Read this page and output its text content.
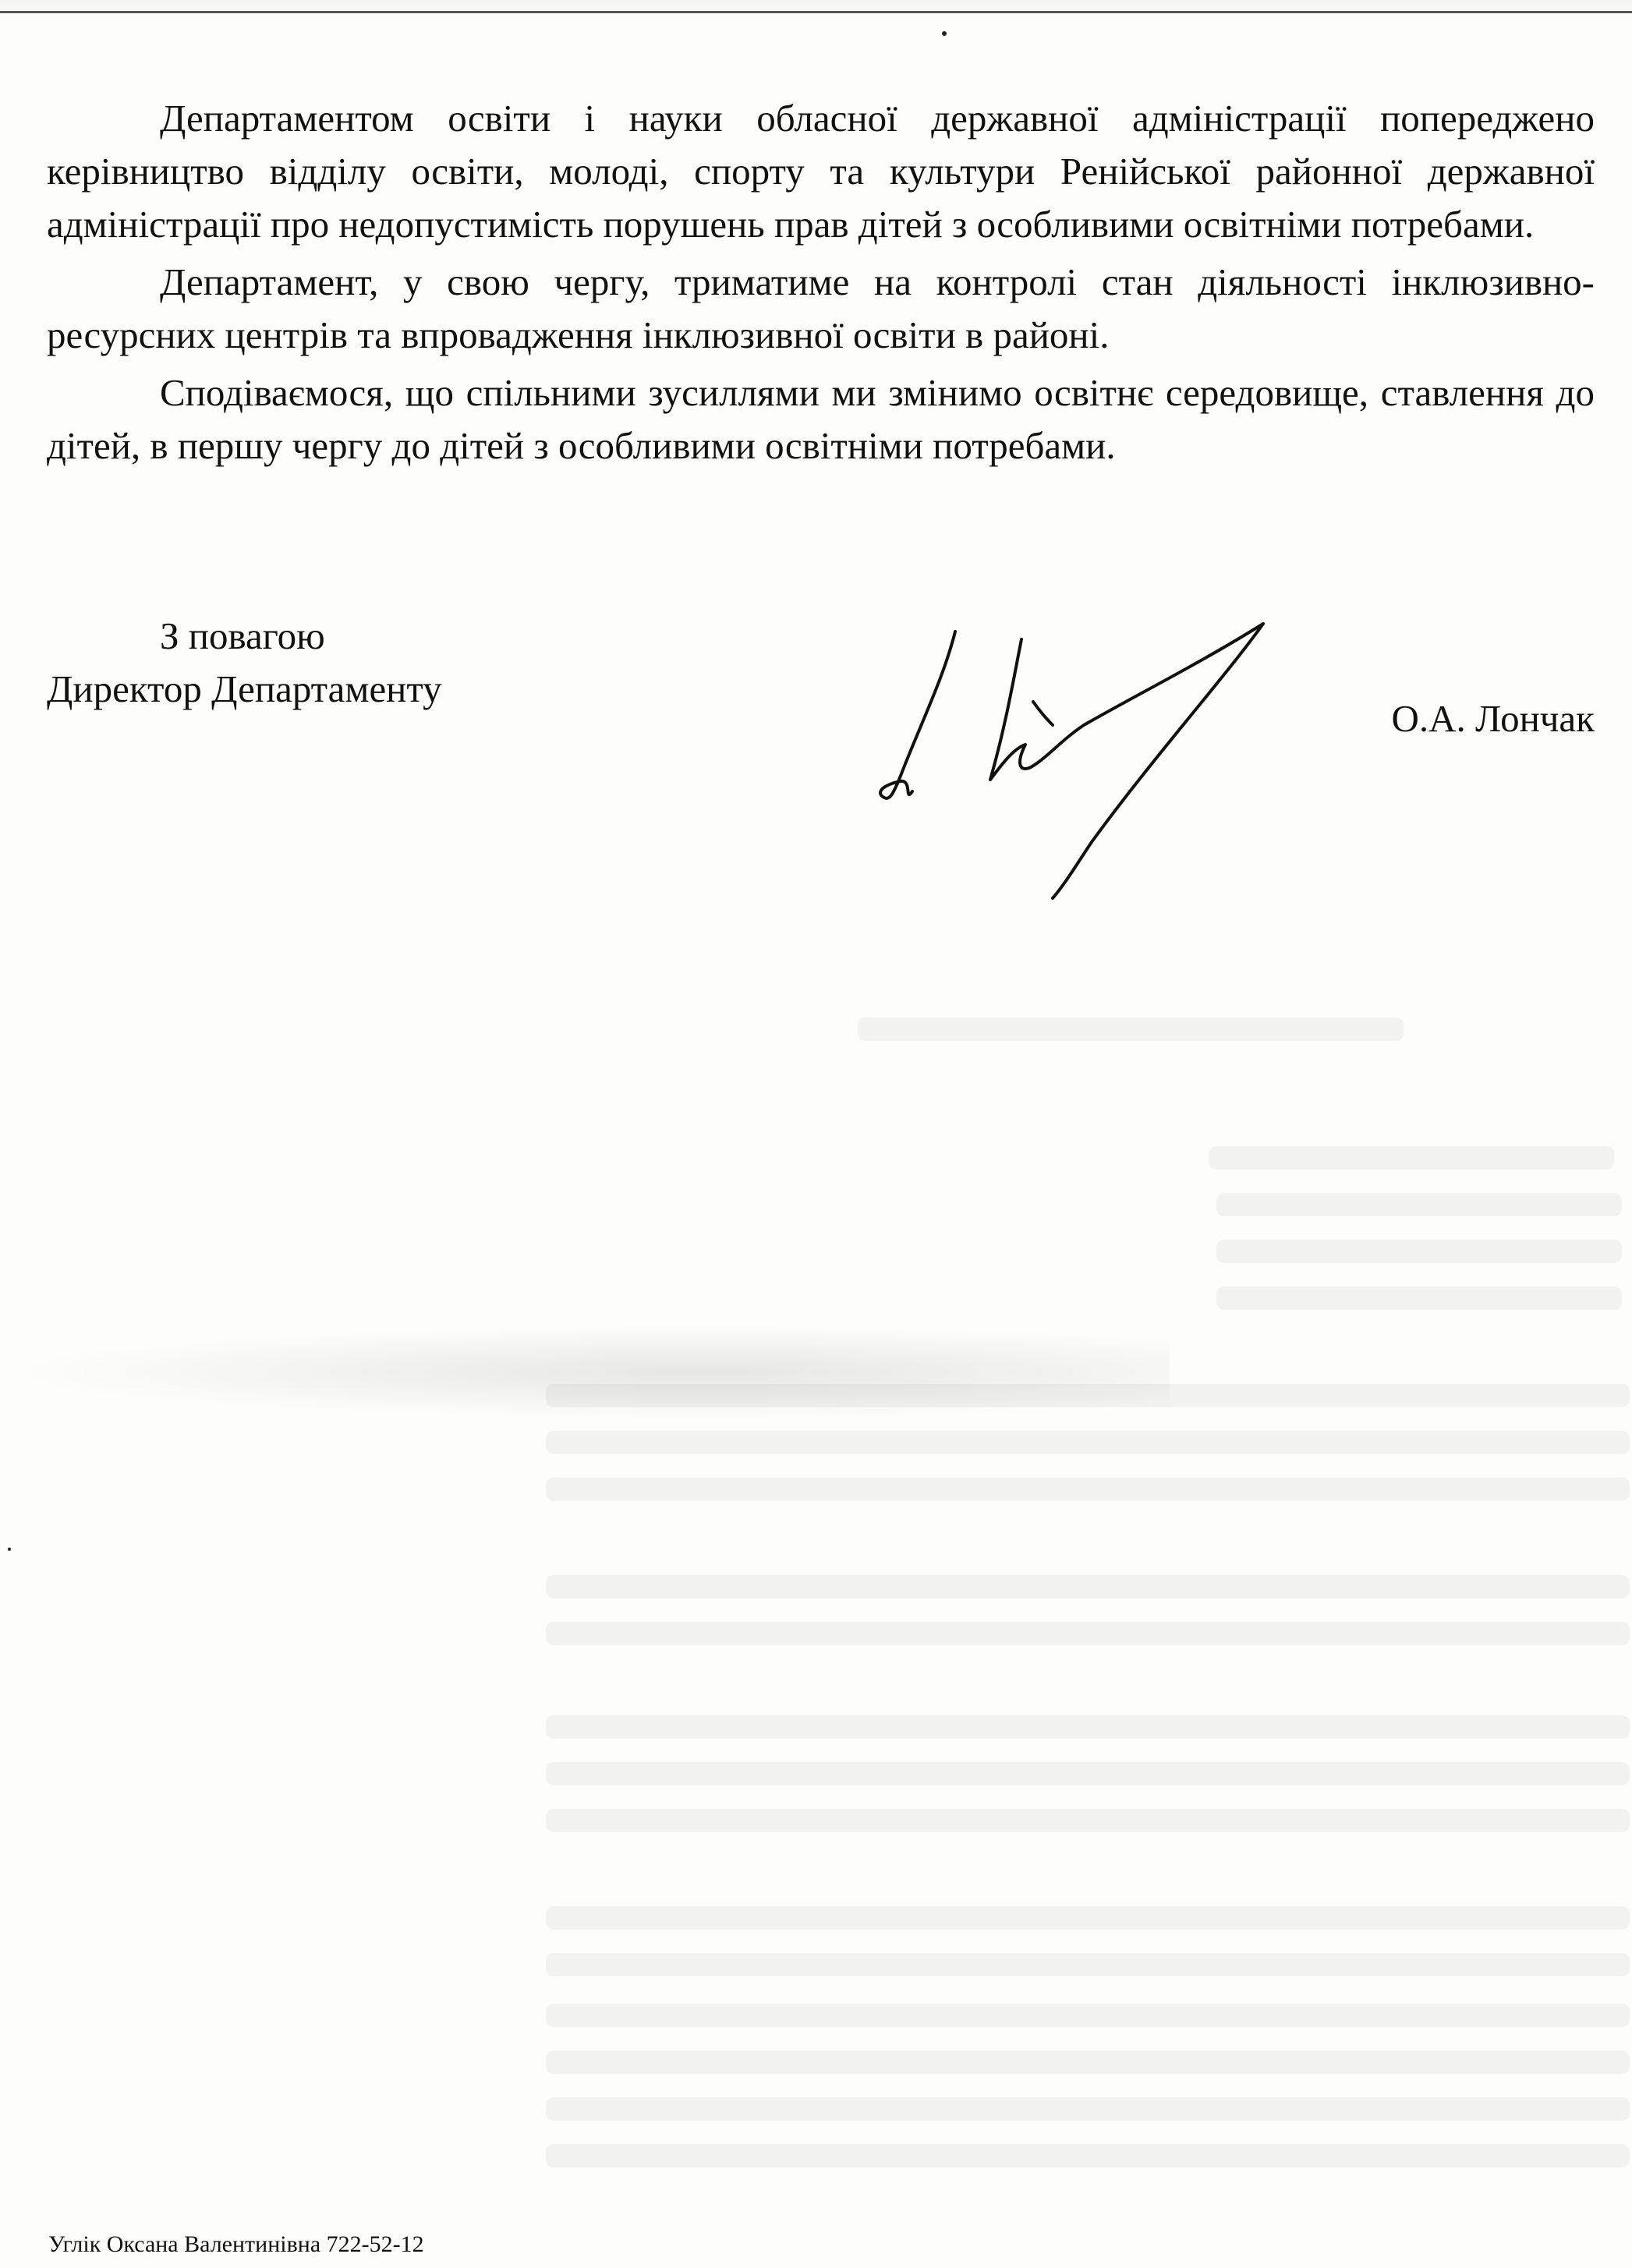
Департаментом освіти і науки обласної державної адміністрації попереджено керівництво відділу освіти, молоді, спорту та культури Ренійської районної державної адміністрації про недопустимість порушень прав дітей з особливими освітніми потребами.

Департамент, у свою чергу, триматиме на контролі стан діяльності інклюзивно-ресурсних центрів та впровадження інклюзивної освіти в районі.

Сподіваємося, що спільними зусиллями ми змінимо освітнє середовище, ставлення до дітей, в першу чергу до дітей з особливими освітніми потребами.

З повагою
Директор Департаменту
О.А. Лончак
Углік Оксана Валентинівна 722-52-12
